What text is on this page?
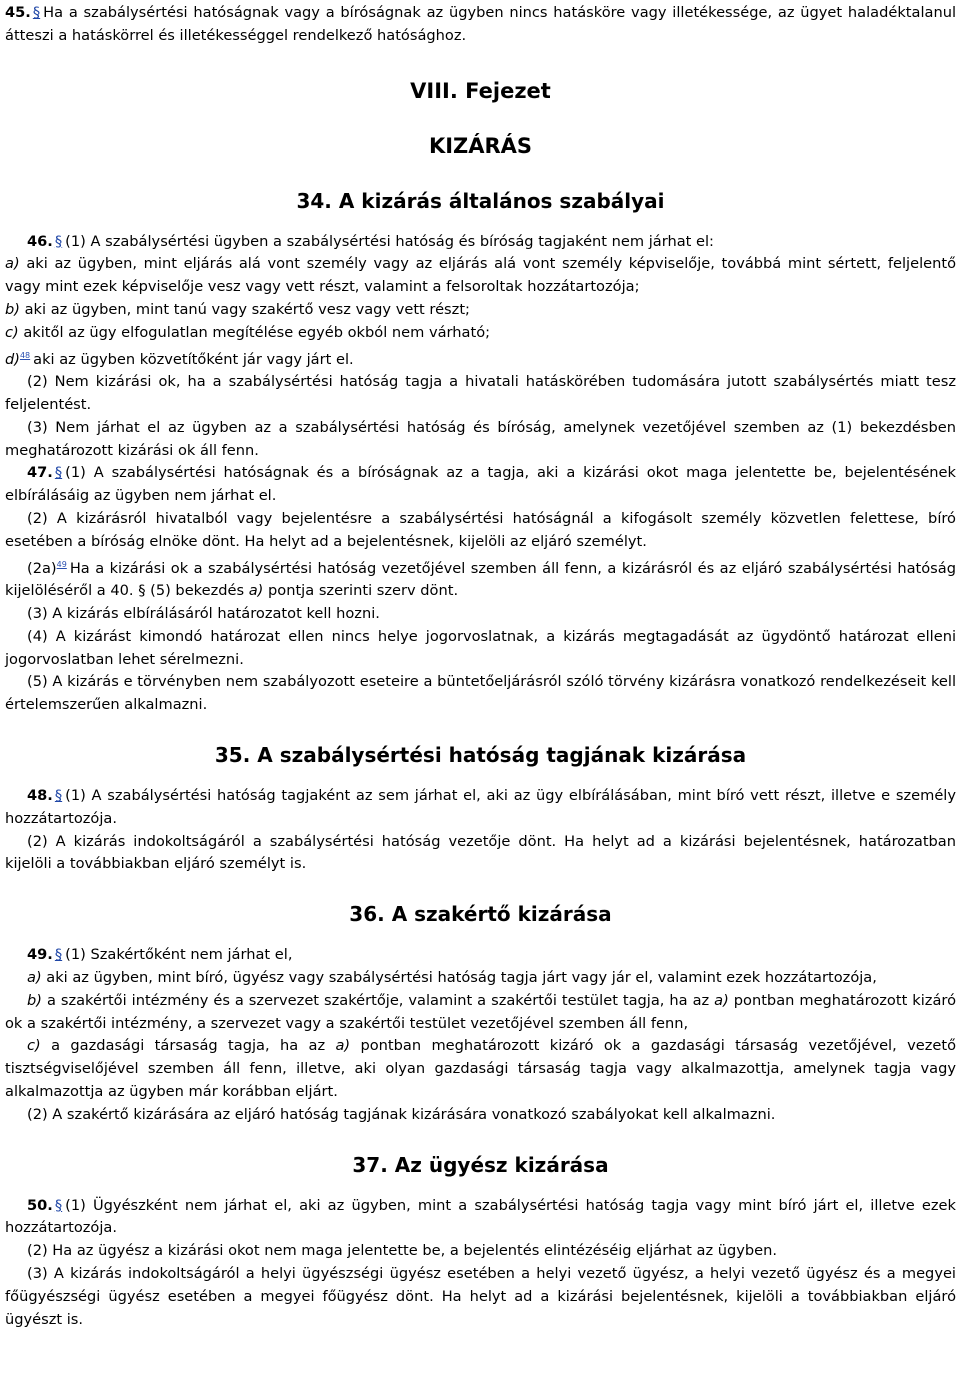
45. § Ha a szabálysértési hatóságnak vagy a bíróságnak az ügyben nincs hatásköre vagy illetékessége, az ügyet haladéktalanul átteszi a hatáskörrel és illetékességgel rendelkező hatósághoz.

VIII. Fejezet
KIZÁRÁS
34. A kizárás általános szabályai

46. § (1) A szabálysértési ügyben a szabálysértési hatóság és bíróság tagjaként nem járhat el:

a) aki az ügyben, mint eljárás alá vont személy vagy az eljárás alá vont személy képviselője, továbbá mint sértett, feljelentő vagy mint ezek képviselője vesz vagy vett részt, valamint a felsoroltak hozzátartozója;

b) aki az ügyben, mint tanú vagy szakértő vesz vagy vett részt;

c) akitől az ügy elfogulatlan megítélése egyéb okból nem várható;

d)$^{48}$ aki az ügyben közvetítőként jár vagy járt el.

(2) Nem kizárási ok, ha a szabálysértési hatóság tagja a hivatali hatáskörében tudomására jutott szabálysértés miatt tesz feljelentést.

(3) Nem járhat el az ügyben az a szabálysértési hatóság és bíróság, amelynek vezetőjével szemben az (1) bekezdésben meghatározott kizárási ok áll fenn.

47. § (1) A szabálysértési hatóságnak és a bíróságnak az a tagja, aki a kizárási okot maga jelentette be, bejelentésének elbírálásáig az ügyben nem járhat el.

(2) A kizárásról hivatalból vagy bejelentésre a szabálysértési hatóságnál a kifogásolt személy közvetlen felettese, bíró esetében a bíróság elnöke dönt. Ha helyt ad a bejelentésnek, kijelöli az eljáró személyt.

(2a)$^{49}$ Ha a kizárási ok a szabálysértési hatóság vezetőjével szemben áll fenn, a kizárásról és az eljáró szabálysértési hatóság kijelöléséről a 40. § (5) bekezdés a) pontja szerinti szerv dönt.

(3) A kizárás elbírálásáról határozatot kell hozni.

(4) A kizárást kimondó határozat ellen nincs helye jogorvoslatnak, a kizárás megtagadását az ügydöntő határozat elleni jogorvoslatban lehet sérelmezni.

(5) A kizárás e törvényben nem szabályozott eseteire a büntetőeljárásról szóló törvény kizárásra vonatkozó rendelkezéseit kell értelemszerűen alkalmazni.

35. A szabálysértési hatóság tagjának kizárása

48. § (1) A szabálysértési hatóság tagjaként az sem járhat el, aki az ügy elbírálásában, mint bíró vett részt, illetve e személy hozzátartozója.

(2) A kizárás indokoltságáról a szabálysértési hatóság vezetője dönt. Ha helyt ad a kizárási bejelentésnek, határozatban kijelöli a továbbiakban eljáró személyt is.

36. A szakértő kizárása

49. § (1) Szakértőként nem járhat el,

a) aki az ügyben, mint bíró, ügyész vagy szabálysértési hatóság tagja járt vagy jár el, valamint ezek hozzátartozója,

b) a szakértői intézmény és a szervezet szakértője, valamint a szakértői testület tagja, ha az a) pontban meghatározott kizáró ok a szakértői intézmény, a szervezet vagy a szakértői testület vezetőjével szemben áll fenn,

c) a gazdasági társaság tagja, ha az a) pontban meghatározott kizáró ok a gazdasági társaság vezetőjével, vezető tisztségviselőjével szemben áll fenn, illetve, aki olyan gazdasági társaság tagja vagy alkalmazottja, amelynek tagja vagy alkalmazottja az ügyben már korábban eljárt.

(2) A szakértő kizárására az eljáró hatóság tagjának kizárására vonatkozó szabályokat kell alkalmazni.

37. Az ügyész kizárása

50. § (1) Ügyészként nem járhat el, aki az ügyben, mint a szabálysértési hatóság tagja vagy mint bíró járt el, illetve ezek hozzátartozója.

(2) Ha az ügyész a kizárási okot nem maga jelentette be, a bejelentés elintézéséig eljárhat az ügyben.

(3) A kizárás indokoltságáról a helyi ügyészségi ügyész esetében a helyi vezető ügyész, a helyi vezető ügyész és a megyei főügyészségi ügyész esetében a megyei főügyész dönt. Ha helyt ad a kizárási bejelentésnek, kijelöli a továbbiakban eljáró ügyészt is.
